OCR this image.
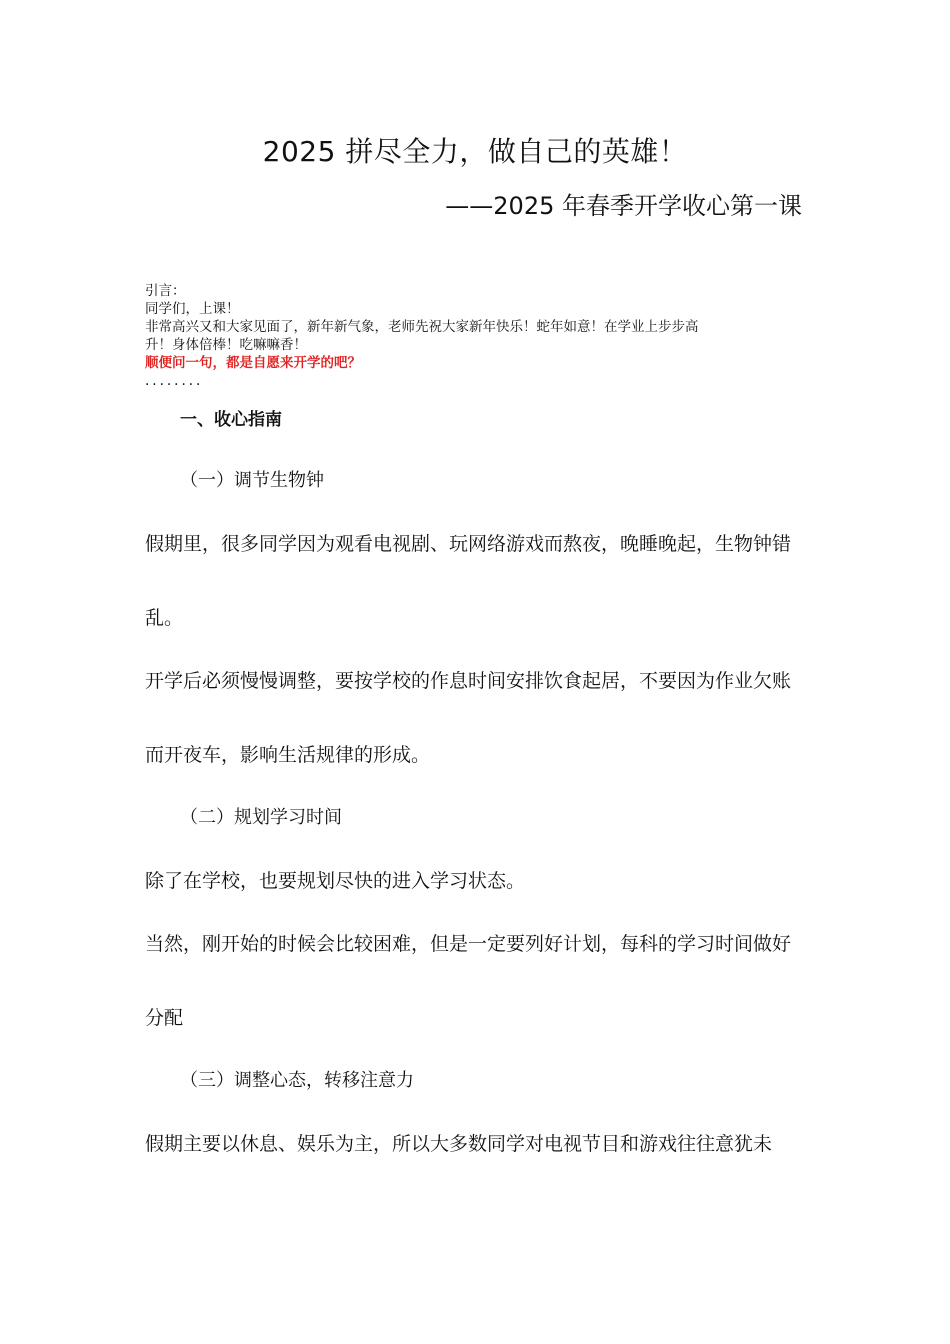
2025 拼尽全力，做自己的英雄！
——2025 年春季开学收心第一课
引言：
同学们，上课！
非常高兴又和大家见面了，新年新气象，老师先祝大家新年快乐！蛇年如意！在学业上步步高
升！身体倍棒！吃嘛嘛香！
顺便问一句，都是自愿来开学的吧？
........
一、收心指南
（一）调节生物钟
假期里，很多同学因为观看电视剧、玩网络游戏而熬夜，晚睡晚起，生物钟错
乱。
开学后必须慢慢调整，要按学校的作息时间安排饮食起居，不要因为作业欠账
而开夜车，影响生活规律的形成。
（二）规划学习时间
除了在学校，也要规划尽快的进入学习状态。
当然，刚开始的时候会比较困难，但是一定要列好计划，每科的学习时间做好
分配
（三）调整心态，转移注意力
假期主要以休息、娱乐为主，所以大多数同学对电视节目和游戏往往意犹未
